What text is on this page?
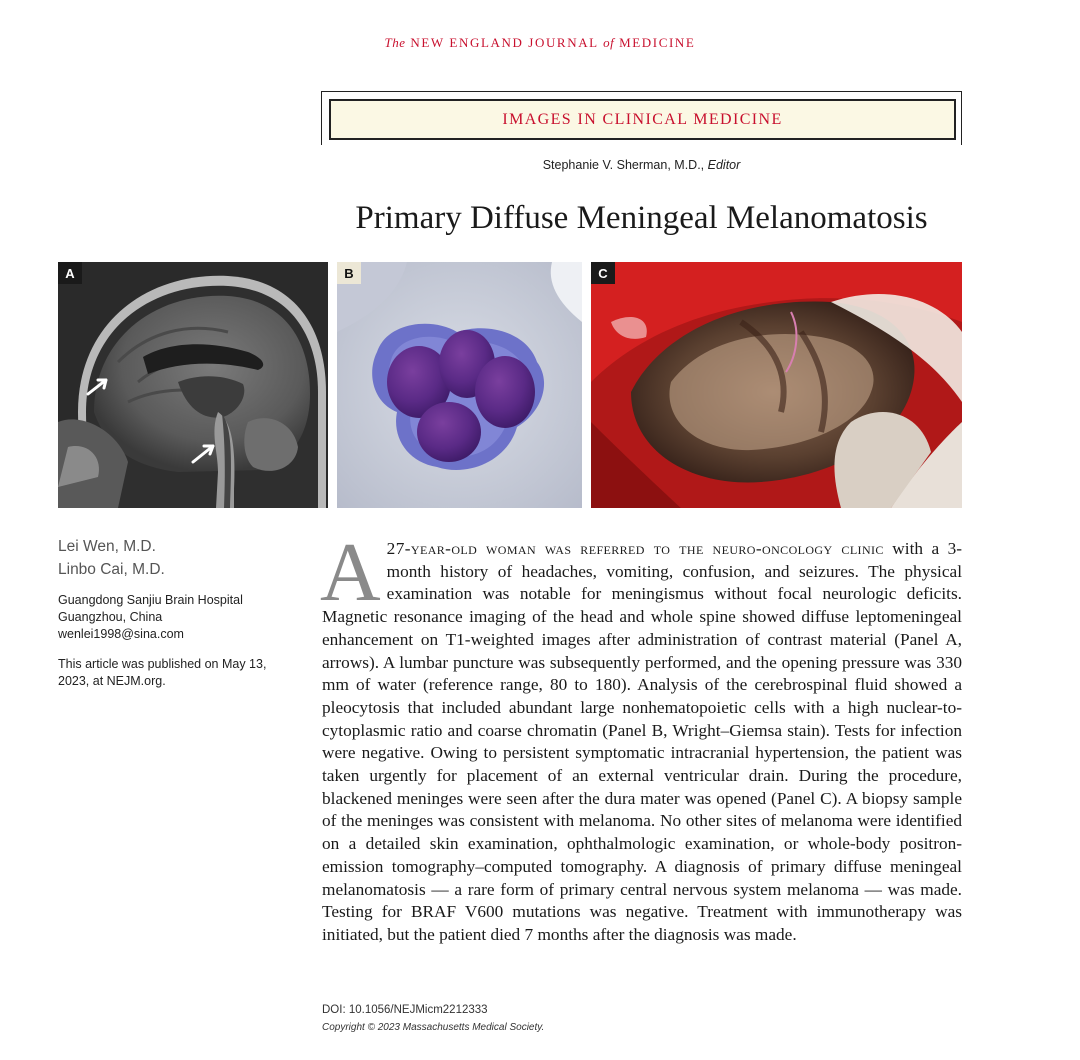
The NEW ENGLAND JOURNAL of MEDICINE
IMAGES IN CLINICAL MEDICINE
Stephanie V. Sherman, M.D., Editor
Primary Diffuse Meningeal Melanomatosis
A	B	C
Lei Wen, M.D.
Linbo Cai, M.D.
Guangdong Sanjiu Brain Hospital
Guangzhou, China
wenlei1998@sina.com
This article was published on May 13,
2023, at NEJM.org.
A 27-year-old woman was referred to the neuro-oncology clinic with a 3-month history of headaches, vomiting, confusion, and seizures. The physical examination was notable for meningismus without focal neurologic deficits. Magnetic resonance imaging of the head and whole spine showed diffuse leptomeningeal enhancement on T1-weighted images after administration of contrast material (Panel A, arrows). A lumbar puncture was subsequently performed, and the opening pressure was 330 mm of water (reference range, 80 to 180). Analysis of the cerebrospinal fluid showed a pleocytosis that included abundant large nonhematopoietic cells with a high nuclear-to-cytoplasmic ratio and coarse chromatin (Panel B, Wright–Giemsa stain). Tests for infection were negative. Owing to persistent symptomatic intracranial hypertension, the patient was taken urgently for placement of an external ventricular drain. During the procedure, blackened meninges were seen after the dura mater was opened (Panel C). A biopsy sample of the meninges was consistent with melanoma. No other sites of melanoma were identified on a detailed skin examination, ophthalmologic examination, or whole-body positron-emission tomography–computed tomography. A diagnosis of primary diffuse meningeal melanomatosis — a rare form of primary central nervous system melanoma — was made. Testing for BRAF V600 mutations was negative. Treatment with immunotherapy was initiated, but the patient died 7 months after the diagnosis was made.
DOI: 10.1056/NEJMicm2212333
Copyright © 2023 Massachusetts Medical Society.
